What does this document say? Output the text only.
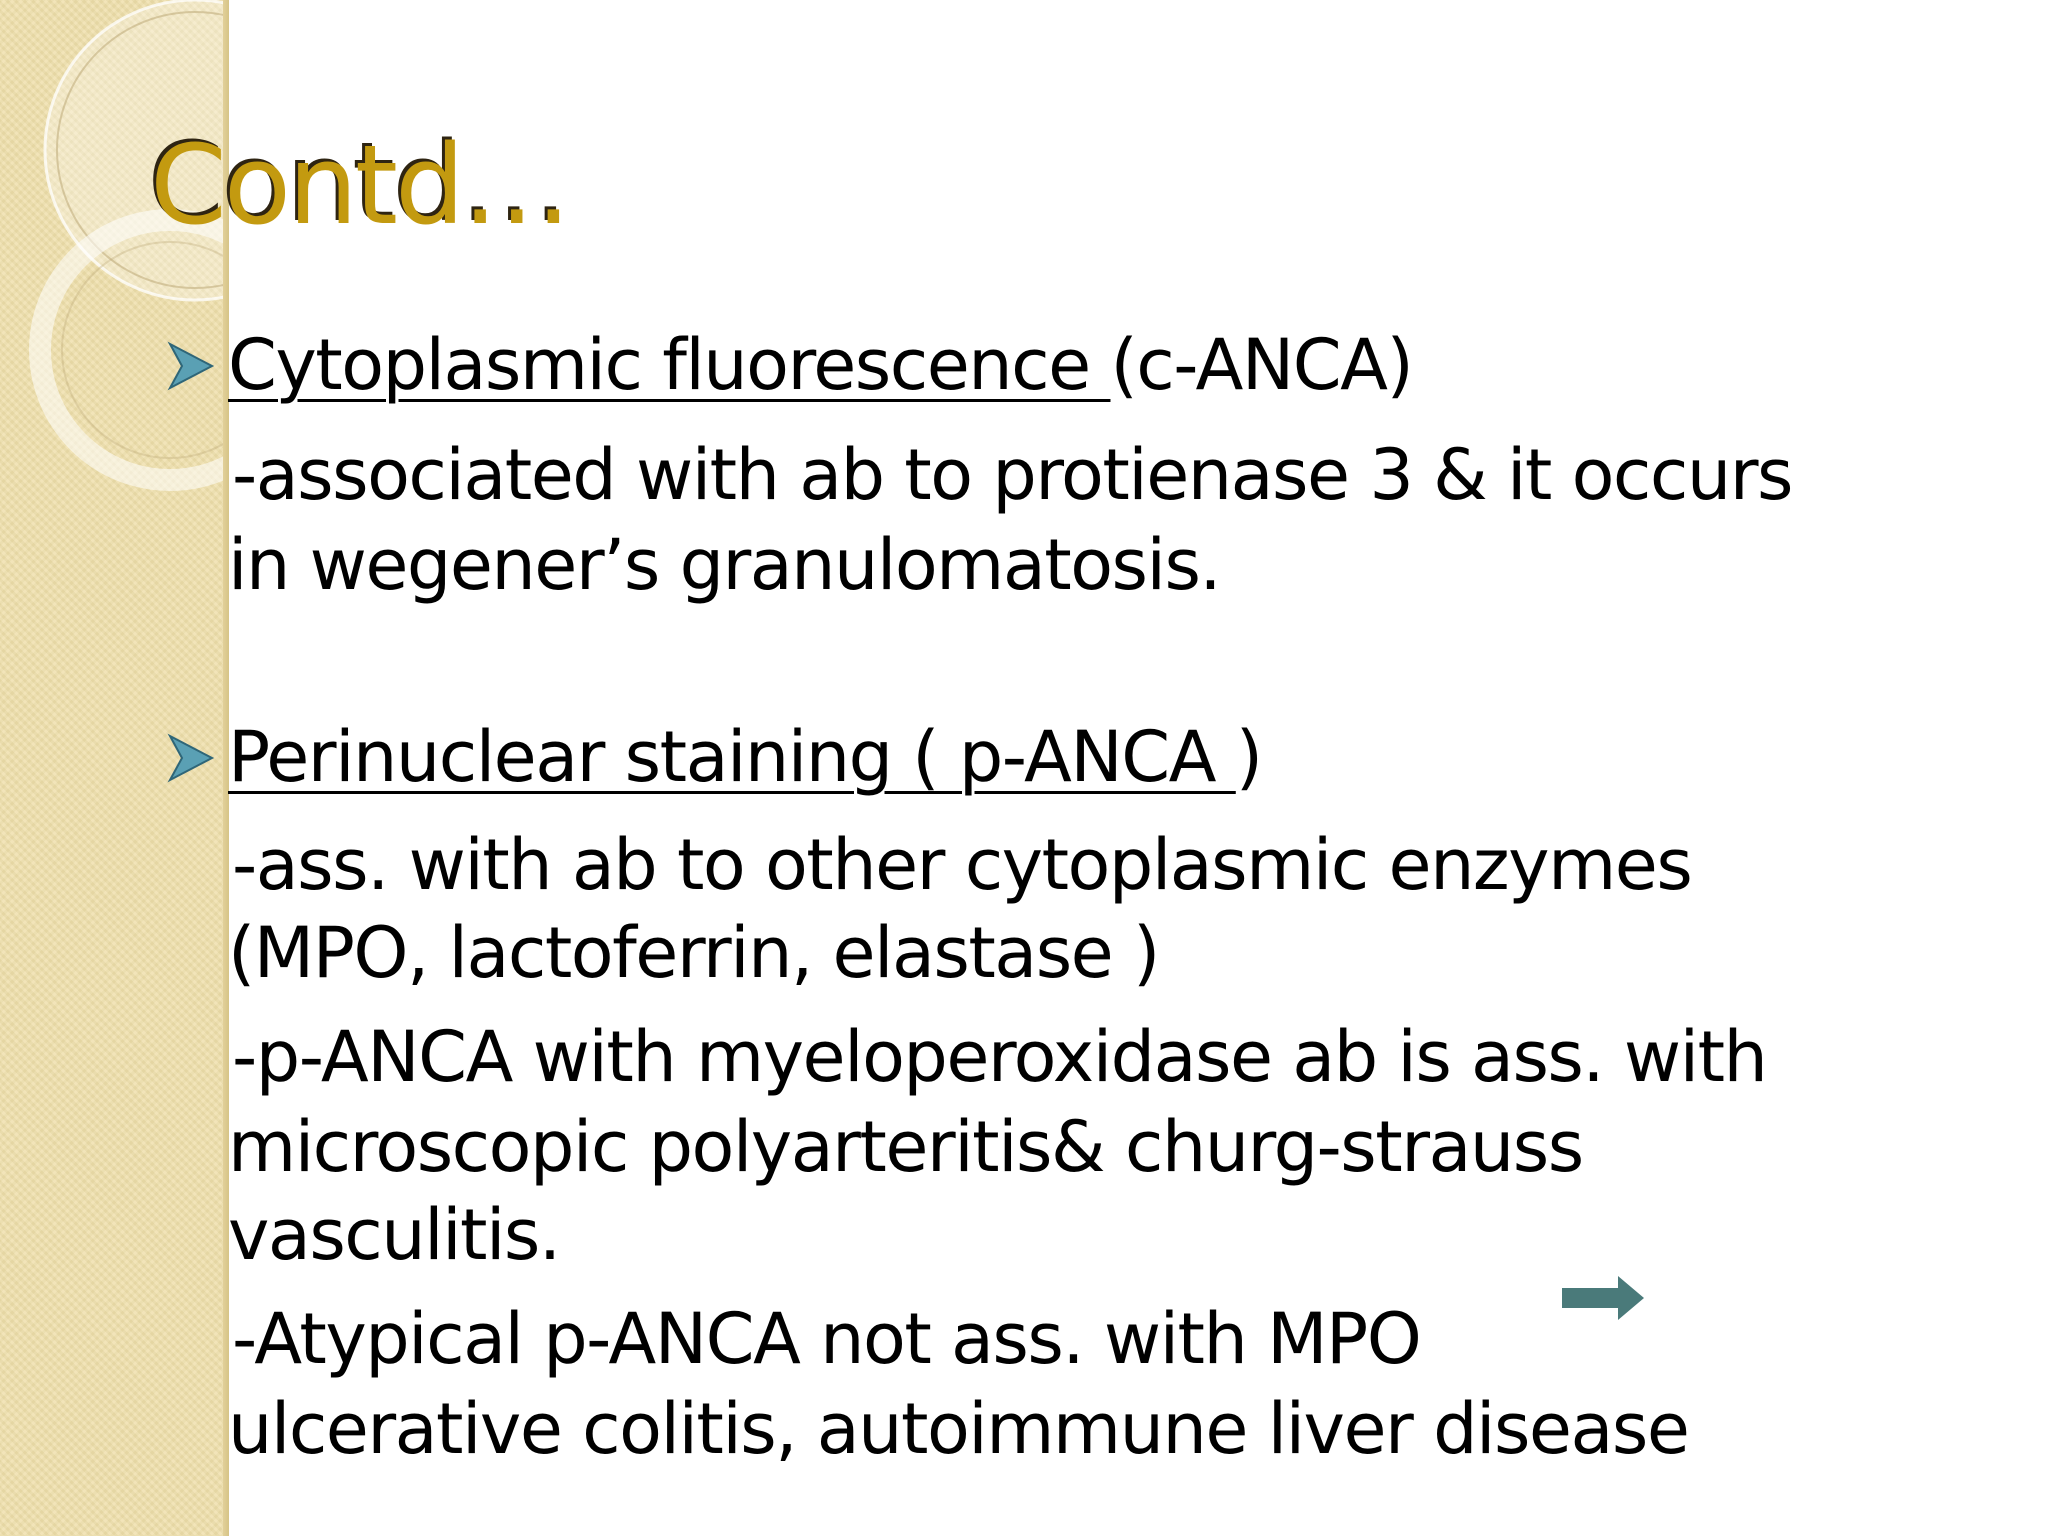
Contd…

Cytoplasmic fluorescence (c-ANCA)

-associated with ab to protienase 3 & it occurs

in wegener’s granulomatosis.

Perinuclear staining ( p-ANCA )

-ass. with ab to other cytoplasmic enzymes

(MPO, lactoferrin, elastase )

-p-ANCA with myeloperoxidase ab is ass. with

microscopic polyarteritis& churg-strauss

vasculitis.

-Atypical p-ANCA not ass. with MPO

ulcerative colitis, autoimmune liver disease
